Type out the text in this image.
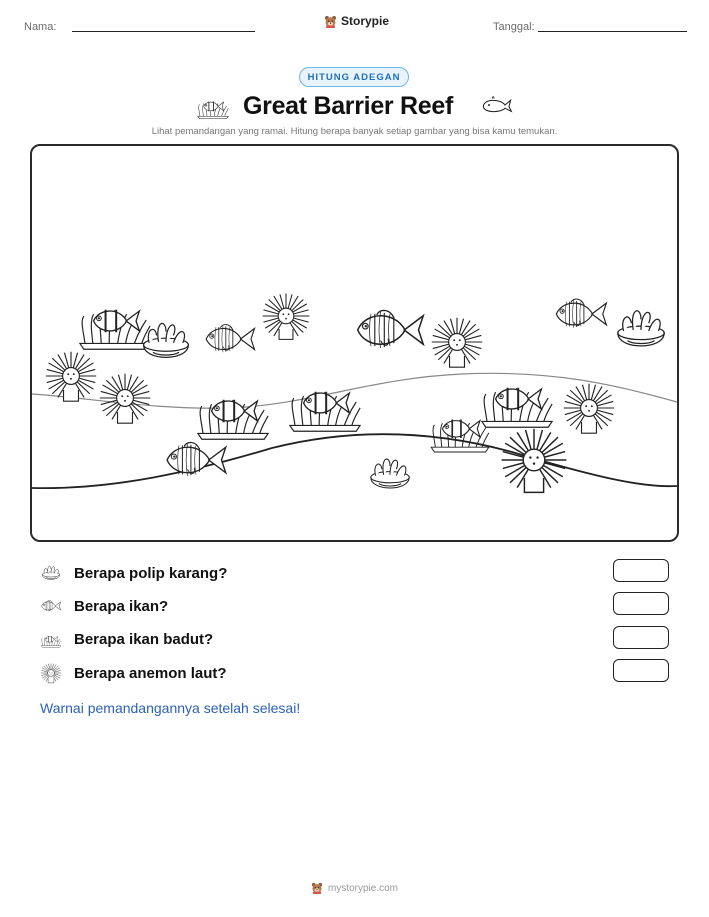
Nama:	Storypie	Tanggal:
HITUNG ADEGAN
Great Barrier Reef
Lihat pemandangan yang ramai. Hitung berapa banyak setiap gambar yang bisa kamu temukan.
Berapa polip karang?
Berapa ikan?
Berapa ikan badut?
Berapa anemon laut?
Warnai pemandangannya setelah selesai!
mystorypie.com
